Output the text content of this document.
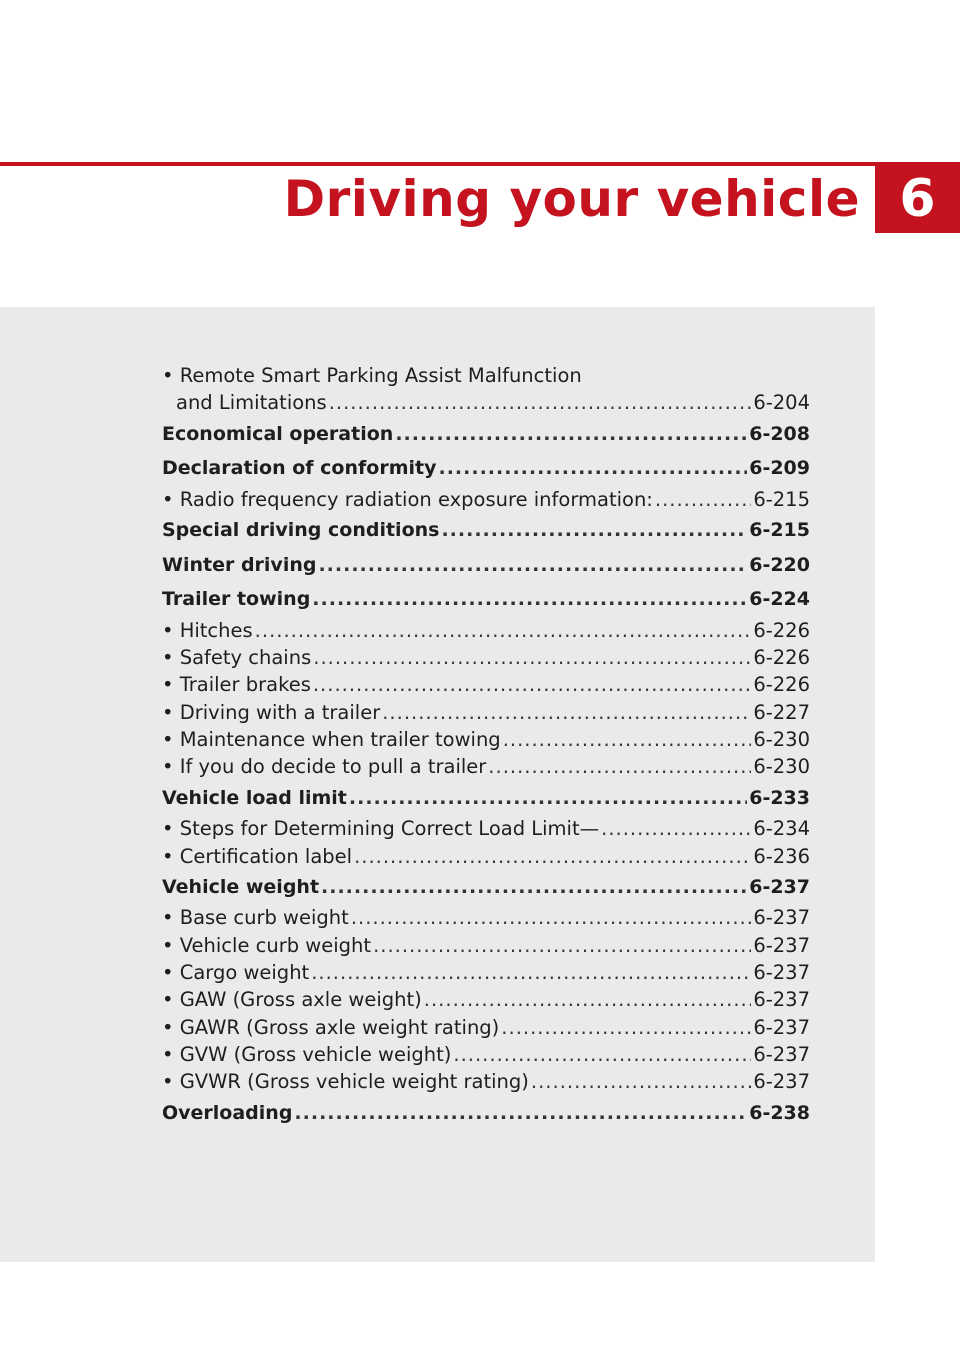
Driving your vehicle 6
• Remote Smart Parking Assist Malfunction
and Limitations .....	6-204
Economical operation .....	6-208
Declaration of conformity .....	6-209
• Radio frequency radiation exposure information: .....	6-215
Special driving conditions .....	6-215
Winter driving .....	6-220
Trailer towing .....	6-224
• Hitches .....	6-226
• Safety chains .....	6-226
• Trailer brakes .....	6-226
• Driving with a trailer .....	6-227
• Maintenance when trailer towing .....	6-230
• If you do decide to pull a trailer .....	6-230
Vehicle load limit .....	6-233
• Steps for Determining Correct Load Limit— .....	6-234
• Certification label .....	6-236
Vehicle weight .....	6-237
• Base curb weight .....	6-237
• Vehicle curb weight .....	6-237
• Cargo weight .....	6-237
• GAW (Gross axle weight) .....	6-237
• GAWR (Gross axle weight rating) .....	6-237
• GVW (Gross vehicle weight) .....	6-237
• GVWR (Gross vehicle weight rating) .....	6-237
Overloading .....	6-238
